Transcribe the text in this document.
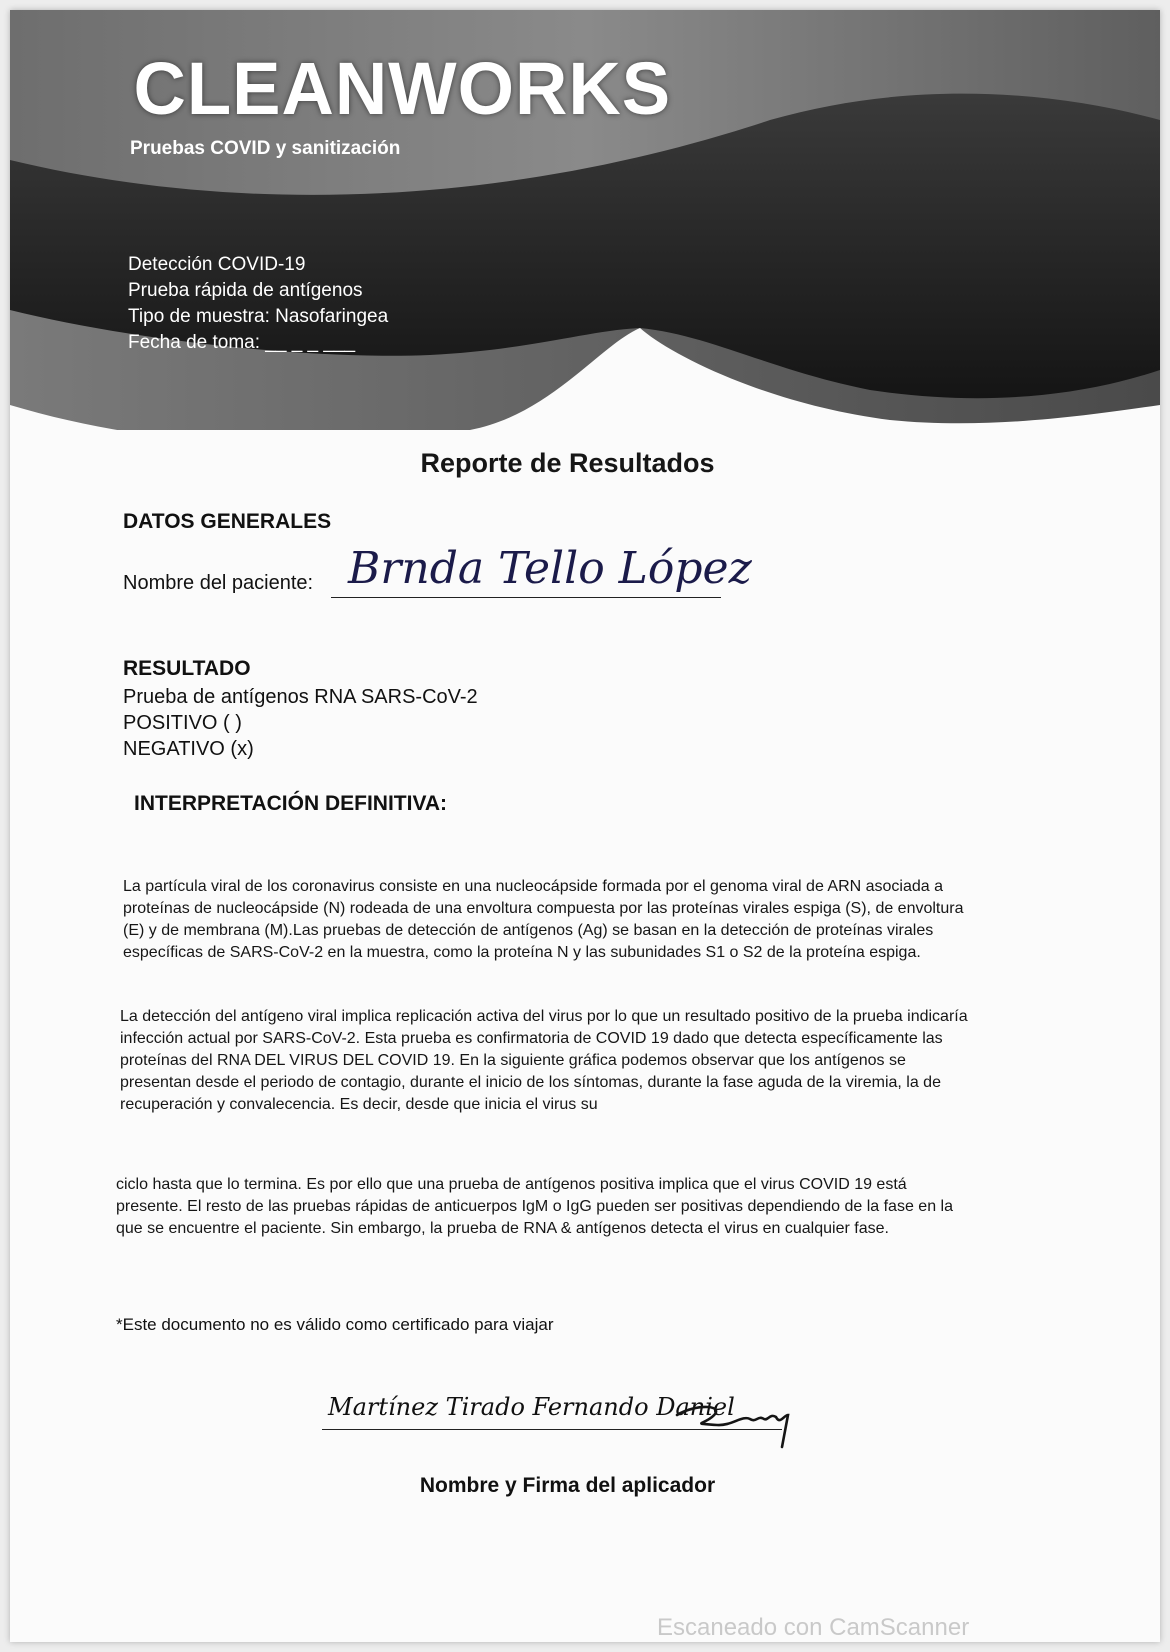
CLEANWORKS
Pruebas COVID y sanitización
Detección COVID-19
Prueba rápida de antígenos
Tipo de muestra: Nasofaringea
Fecha de toma: __ _ _ ___
Reporte de Resultados
DATOS GENERALES
Nombre del paciente: Brnda Tello López
RESULTADO
Prueba de antígenos RNA SARS-CoV-2
POSITIVO ( )
NEGATIVO (x)
INTERPRETACIÓN DEFINITIVA:
La partícula viral de los coronavirus consiste en una nucleocápside formada por el genoma viral de ARN asociada a proteínas de nucleocápside (N) rodeada de una envoltura compuesta por las proteínas virales espiga (S), de envoltura (E) y de membrana (M).Las pruebas de detección de antígenos (Ag) se basan en la detección de proteínas virales específicas de SARS-CoV-2 en la muestra, como la proteína N y las subunidades S1 o S2 de la proteína espiga.
La detección del antígeno viral implica replicación activa del virus por lo que un resultado positivo de la prueba indicaría infección actual por SARS-CoV-2. Esta prueba es confirmatoria de COVID 19 dado que detecta específicamente las proteínas del RNA DEL VIRUS DEL COVID 19. En la siguiente gráfica podemos observar que los antígenos se presentan desde el periodo de contagio, durante el inicio de los síntomas, durante la fase aguda de la viremia, la de recuperación y convalecencia. Es decir, desde que inicia el virus su
ciclo hasta que lo termina. Es por ello que una prueba de antígenos positiva implica que el virus COVID 19 está presente. El resto de las pruebas rápidas de anticuerpos IgM o IgG pueden ser positivas dependiendo de la fase en la que se encuentre el paciente. Sin embargo, la prueba de RNA & antígenos detecta el virus en cualquier fase.
*Este documento no es válido como certificado para viajar
Martínez Tirado Fernando Daniel
Nombre y Firma del aplicador
Escaneado con CamScanner
